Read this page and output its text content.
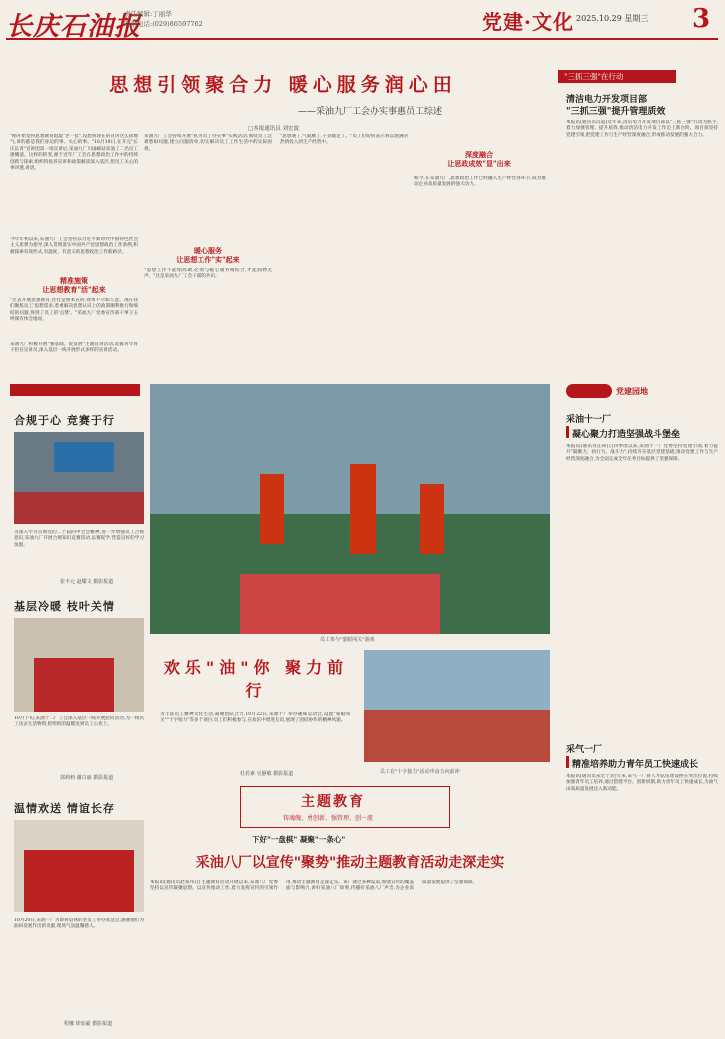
长庆石油报
责任编辑:丁丽华
联系电话:(029)86597762	党建·文化 2025.10.29 星期三 3
思想引领聚合力 暖心服务润心田
——采油九厂工会办实事惠员工综述
□本报通讯员 刘宏波
"刚开始觉得思想教育挺虚"老一套",没想到现在的宣讲这么接地气,讲的都是我们身边的事、关心的事。"10月19日,在开完"长庆长青"宣讲团第一场宣讲后,采油九厂川国邮站采油工二名员工感慨道。这样的转变,源于近年厂工会在思想政治工作中的持续创新与探索,组织特优养宣讲和政策解读深入基层,把员工关心的事讲透,讲清。
今年年初以来,采油九厂工会坚持以习近平新时代中国特色社会主义思想为指导,深入贯彻落实中国共产党思想政治工作条例,积极探索有效形式,有温度、有意义的思想政治工作新路径。
精准施策
让思想教育"活"起来
"过去开展思想教育,往往是照本宣科,效果不尽如人意。现在我们聚焦员工'思想需求,着重解决思想认识上的政策顺利推行和细结的问题,得到了员工的'点赞'。"采油九厂党委宣传部干事王玉坤深有体会地说。
采油九厂积极开展"强基础、促发展"主题宣讲活动,选拔青年骨干担任宣讲员,深入基层一线开展形式多样的宣讲活动。
采油九厂工会持续开展"我为员工办实事"实践活动,围绕员工急难愁盼问题,建立问题清单,切实解决员工工作生活中的实际困难。
暖心服务
让思想工作"实"起来
"思想工作不能唱高调,必须与暖心服务相结合,才能润物无声。"这是采油九厂工会干部的共识。
"思想通了,气就顺了,干劲就足了。"员工们纷纷表示将以饱满的热情投入到生产经营中。
深度融合
让思政成效"显"出来
如今,在采油九厂,思想政治工作已经融入生产经营各环节,成为推动企业高质量发展的强大动力。
合规于心 竞赛于行
为深入学习贯彻党的二十届四中全会精神,进一步增强员工合规意识,采油九厂开展合规知识竞赛活动,以赛促学,营造良好的学习氛围。
张丰元 赵耀文 摄影报道
基层冷暖 枝叶关情
10月下旬,采油十二厂工会深入基层一线开展慰问活动,为一线员工送去生活物资,把组织的温暖送到员工心坎上。
郭莉莉 谢白丽 摄影报道
温情欢送 情谊长存
10月20日,采油一厂为即将退休的老员工举办欢送会,感谢他们为油田发展作出的贡献,现场气氛温馨感人。
程娜 徐加豪 摄影报道
员工参与"蒙眼闯关"游戏
欢乐"油"你 聚力前行
为丰富员工精神文化生活,凝聚团队合力,10月22日,采油十厂举办趣味运动会,设置"蒙眼闯关""十字接力"等多个项目,员工们积极参与,在欢乐中增进友谊,展现了团结协作的精神风貌。
杜若素 吴静敏 摄影报道	员工在"十字接力"活动中奋力向前冲
主题教育
铸魂魄、勇创新、强管理、创一流
下好"一盘棋" 凝聚"一条心"
采油八厂以宣传"聚势"推动主题教育活动走深走实
本报讯(通讯员赵家伟)自主题教育活动开展以来,采油八厂党委坚持以宣传凝聚思想、以宣传推动工作,着力发挥宣传的引领作用,推动主题教育走深走实。该厂通过多种渠道,加强宣传的覆盖面与影响力,讲好采油八厂故事,传播好采油八厂声音,为企业高质量发展提供了坚强保障。
"三抓三强"在行动
清洁电力开发项目部
"三抓三强"提升管理质效
本报讯(通讯员冯超)近年来,清洁电力开发项目部以"三抓三强"行动为抓手,着力加强管理、提升质效,推动清洁电力开发工作迈上新台阶。项目部坚持党建引领,把党建工作与生产经营深度融合,形成推动发展的强大合力。
党建园地
采油十一厂
凝心聚力打造坚强战斗堡垒
本报讯(通讯员任锋)自四季度以来,采油十一厂党委坚持党建引领,着力提升"凝聚力、执行力、战斗力",持续夯实基层党建基础,推动党建工作与生产经营深度融合,为全面完成全年任务目标提供了坚强保障。
采气一厂
精准培养助力青年员工快速成长
本报讯(通讯员宋宏宁)近年来,采气一厂将人才队伍建设摆在突出位置,持续加强青年员工培养,通过搭建平台、创新机制,助力青年员工快速成长,为油气田高质量发展注入新动能。
